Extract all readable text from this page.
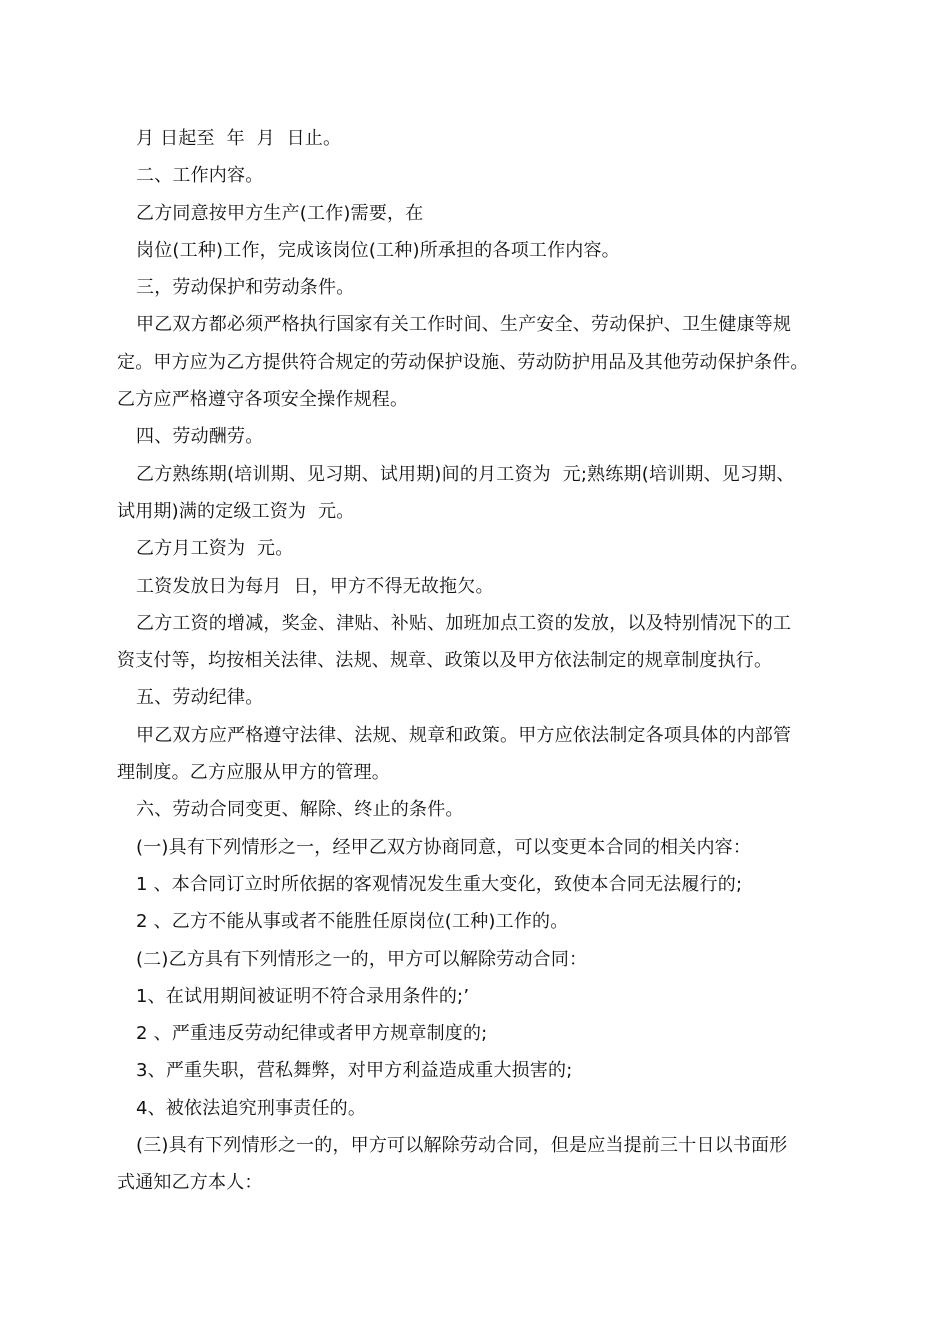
月 日起至  年  月  日止。
二、工作内容。
乙方同意按甲方生产(工作)需要，在
岗位(工种)工作，完成该岗位(工种)所承担的各项工作内容。
三，劳动保护和劳动条件。
甲乙双方都必须严格执行国家有关工作时间、生产安全、劳动保护、卫生健康等规
定。甲方应为乙方提供符合规定的劳动保护设施、劳动防护用品及其他劳动保护条件。
乙方应严格遵守各项安全操作规程。
四、劳动酬劳。
乙方熟练期(培训期、见习期、试用期)间的月工资为  元;熟练期(培训期、见习期、
试用期)满的定级工资为  元。
乙方月工资为  元。
工资发放日为每月  日，甲方不得无故拖欠。
乙方工资的增减，奖金、津贴、补贴、加班加点工资的发放，以及特别情况下的工
资支付等，均按相关法律、法规、规章、政策以及甲方依法制定的规章制度执行。
五、劳动纪律。
甲乙双方应严格遵守法律、法规、规章和政策。甲方应依法制定各项具体的内部管
理制度。乙方应服从甲方的管理。
六、劳动合同变更、解除、终止的条件。
(一)具有下列情形之一，经甲乙双方协商同意，可以变更本合同的相关内容：
1 、本合同订立时所依据的客观情况发生重大变化，致使本合同无法履行的;
2 、乙方不能从事或者不能胜任原岗位(工种)工作的。
(二)乙方具有下列情形之一的，甲方可以解除劳动合同：
1、在试用期间被证明不符合录用条件的;’
2 、严重违反劳动纪律或者甲方规章制度的;
3、严重失职，营私舞弊，对甲方利益造成重大损害的;
4、被依法追究刑事责任的。
(三)具有下列情形之一的，甲方可以解除劳动合同，但是应当提前三十日以书面形
式通知乙方本人：
